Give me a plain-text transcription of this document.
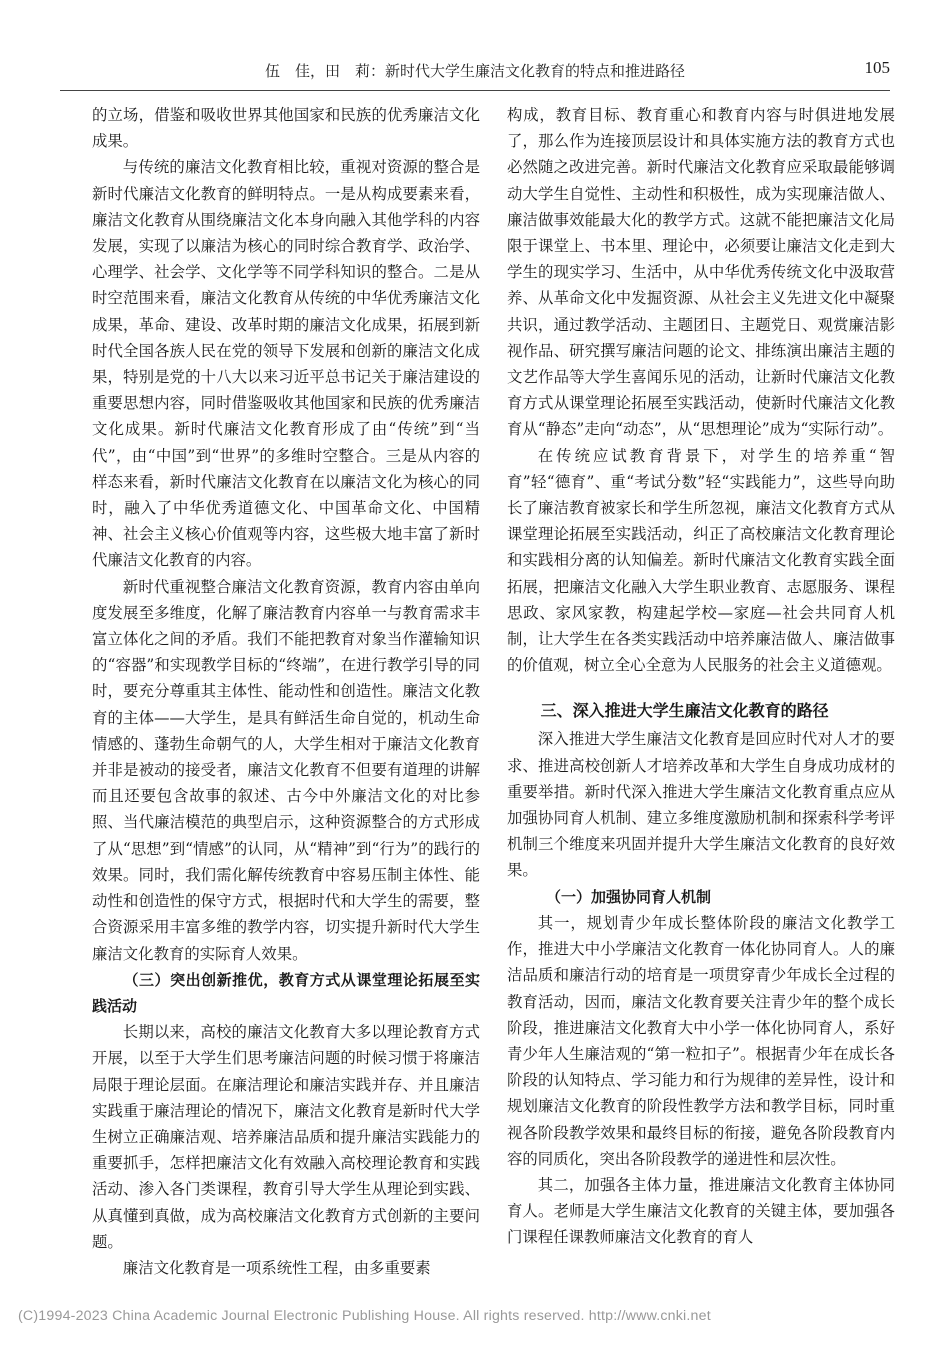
伍　佳，田　莉：新时代大学生廉洁文化教育的特点和推进路径	105

的立场，借鉴和吸收世界其他国家和民族的优秀廉洁文化成果。

与传统的廉洁文化教育相比较，重视对资源的整合是新时代廉洁文化教育的鲜明特点。一是从构成要素来看，廉洁文化教育从围绕廉洁文化本身向融入其他学科的内容发展，实现了以廉洁为核心的同时综合教育学、政治学、心理学、社会学、文化学等不同学科知识的整合。二是从时空范围来看，廉洁文化教育从传统的中华优秀廉洁文化成果，革命、建设、改革时期的廉洁文化成果，拓展到新时代全国各族人民在党的领导下发展和创新的廉洁文化成果，特别是党的十八大以来习近平总书记关于廉洁建设的重要思想内容，同时借鉴吸收其他国家和民族的优秀廉洁文化成果。新时代廉洁文化教育形成了由“传统”到“当代”，由“中国”到“世界”的多维时空整合。三是从内容的样态来看，新时代廉洁文化教育在以廉洁文化为核心的同时，融入了中华优秀道德文化、中国革命文化、中国精神、社会主义核心价值观等内容，这些极大地丰富了新时代廉洁文化教育的内容。

新时代重视整合廉洁文化教育资源，教育内容由单向度发展至多维度，化解了廉洁教育内容单一与教育需求丰富立体化之间的矛盾。我们不能把教育对象当作灌输知识的“容器”和实现教学目标的“终端”，在进行教学引导的同时，要充分尊重其主体性、能动性和创造性。廉洁文化教育的主体——大学生，是具有鲜活生命自觉的，机动生命情感的、蓬勃生命朝气的人，大学生相对于廉洁文化教育并非是被动的接受者，廉洁文化教育不但要有道理的讲解而且还要包含故事的叙述、古今中外廉洁文化的对比参照、当代廉洁模范的典型启示，这种资源整合的方式形成了从“思想”到“情感”的认同，从“精神”到“行为”的践行的效果。同时，我们需化解传统教育中容易压制主体性、能动性和创造性的保守方式，根据时代和大学生的需要，整合资源采用丰富多维的教学内容，切实提升新时代大学生廉洁文化教育的实际育人效果。

（三）突出创新推优，教育方式从课堂理论拓展至实践活动

长期以来，高校的廉洁文化教育大多以理论教育方式开展，以至于大学生们思考廉洁问题的时候习惯于将廉洁局限于理论层面。在廉洁理论和廉洁实践并存、并且廉洁实践重于廉洁理论的情况下，廉洁文化教育是新时代大学生树立正确廉洁观、培养廉洁品质和提升廉洁实践能力的重要抓手，怎样把廉洁文化有效融入高校理论教育和实践活动、渗入各门类课程，教育引导大学生从理论到实践、从真懂到真做，成为高校廉洁文化教育方式创新的主要问题。

廉洁文化教育是一项系统性工程，由多重要素

构成，教育目标、教育重心和教育内容与时俱进地发展了，那么作为连接顶层设计和具体实施方法的教育方式也必然随之改进完善。新时代廉洁文化教育应采取最能够调动大学生自觉性、主动性和积极性，成为实现廉洁做人、廉洁做事效能最大化的教学方式。这就不能把廉洁文化局限于课堂上、书本里、理论中，必须要让廉洁文化走到大学生的现实学习、生活中，从中华优秀传统文化中汲取营养、从革命文化中发掘资源、从社会主义先进文化中凝聚共识，通过教学活动、主题团日、主题党日、观赏廉洁影视作品、研究撰写廉洁问题的论文、排练演出廉洁主题的文艺作品等大学生喜闻乐见的活动，让新时代廉洁文化教育方式从课堂理论拓展至实践活动，使新时代廉洁文化教育从“静态”走向“动态”，从“思想理论”成为“实际行动”。

在传统应试教育背景下，对学生的培养重“智育”轻“德育”、重“考试分数”轻“实践能力”，这些导向助长了廉洁教育被家长和学生所忽视，廉洁文化教育方式从课堂理论拓展至实践活动，纠正了高校廉洁文化教育理论和实践相分离的认知偏差。新时代廉洁文化教育实践全面拓展，把廉洁文化融入大学生职业教育、志愿服务、课程思政、家风家教，构建起学校—家庭—社会共同育人机制，让大学生在各类实践活动中培养廉洁做人、廉洁做事的价值观，树立全心全意为人民服务的社会主义道德观。

三、深入推进大学生廉洁文化教育的路径

深入推进大学生廉洁文化教育是回应时代对人才的要求、推进高校创新人才培养改革和大学生自身成功成材的重要举措。新时代深入推进大学生廉洁文化教育重点应从加强协同育人机制、建立多维度激励机制和探索科学考评机制三个维度来巩固并提升大学生廉洁文化教育的良好效果。

（一）加强协同育人机制

其一，规划青少年成长整体阶段的廉洁文化教学工作，推进大中小学廉洁文化教育一体化协同育人。人的廉洁品质和廉洁行动的培育是一项贯穿青少年成长全过程的教育活动，因而，廉洁文化教育要关注青少年的整个成长阶段，推进廉洁文化教育大中小学一体化协同育人，系好青少年人生廉洁观的“第一粒扣子”。根据青少年在成长各阶段的认知特点、学习能力和行为规律的差异性，设计和规划廉洁文化教育的阶段性教学方法和教学目标，同时重视各阶段教学效果和最终目标的衔接，避免各阶段教育内容的同质化，突出各阶段教学的递进性和层次性。

其二，加强各主体力量，推进廉洁文化教育主体协同育人。老师是大学生廉洁文化教育的关键主体，要加强各门课程任课教师廉洁文化教育的育人

(C)1994-2023 China Academic Journal Electronic Publishing House. All rights reserved. http://www.cnki.net
